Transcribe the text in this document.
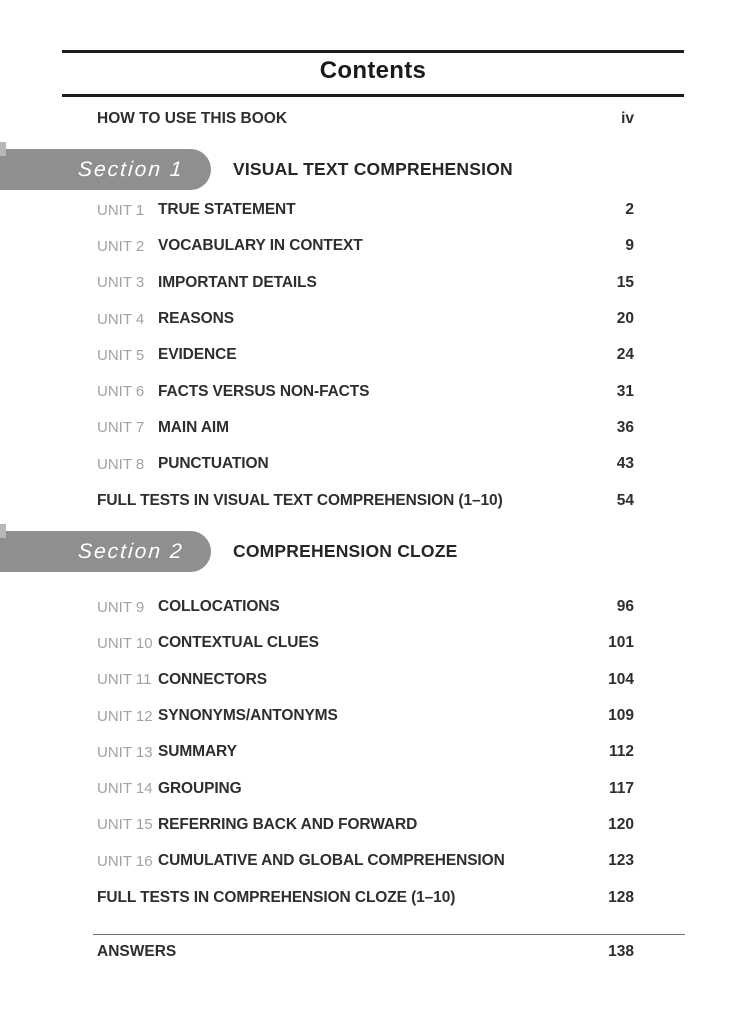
Contents
HOW TO USE THIS BOOK	iv
Section 1	VISUAL TEXT COMPREHENSION
UNIT 1 TRUE STATEMENT	2
UNIT 2 VOCABULARY IN CONTEXT	9
UNIT 3 IMPORTANT DETAILS	15
UNIT 4 REASONS	20
UNIT 5 EVIDENCE	24
UNIT 6 FACTS VERSUS NON-FACTS	31
UNIT 7 MAIN AIM	36
UNIT 8 PUNCTUATION	43
FULL TESTS IN VISUAL TEXT COMPREHENSION (1–10)	54
Section 2	COMPREHENSION CLOZE
UNIT 9 COLLOCATIONS	96
UNIT 10 CONTEXTUAL CLUES	101
UNIT 11 CONNECTORS	104
UNIT 12 SYNONYMS/ANTONYMS	109
UNIT 13 SUMMARY	112
UNIT 14 GROUPING	117
UNIT 15 REFERRING BACK AND FORWARD	120
UNIT 16 CUMULATIVE AND GLOBAL COMPREHENSION	123
FULL TESTS IN COMPREHENSION CLOZE (1–10)	128
ANSWERS	138
